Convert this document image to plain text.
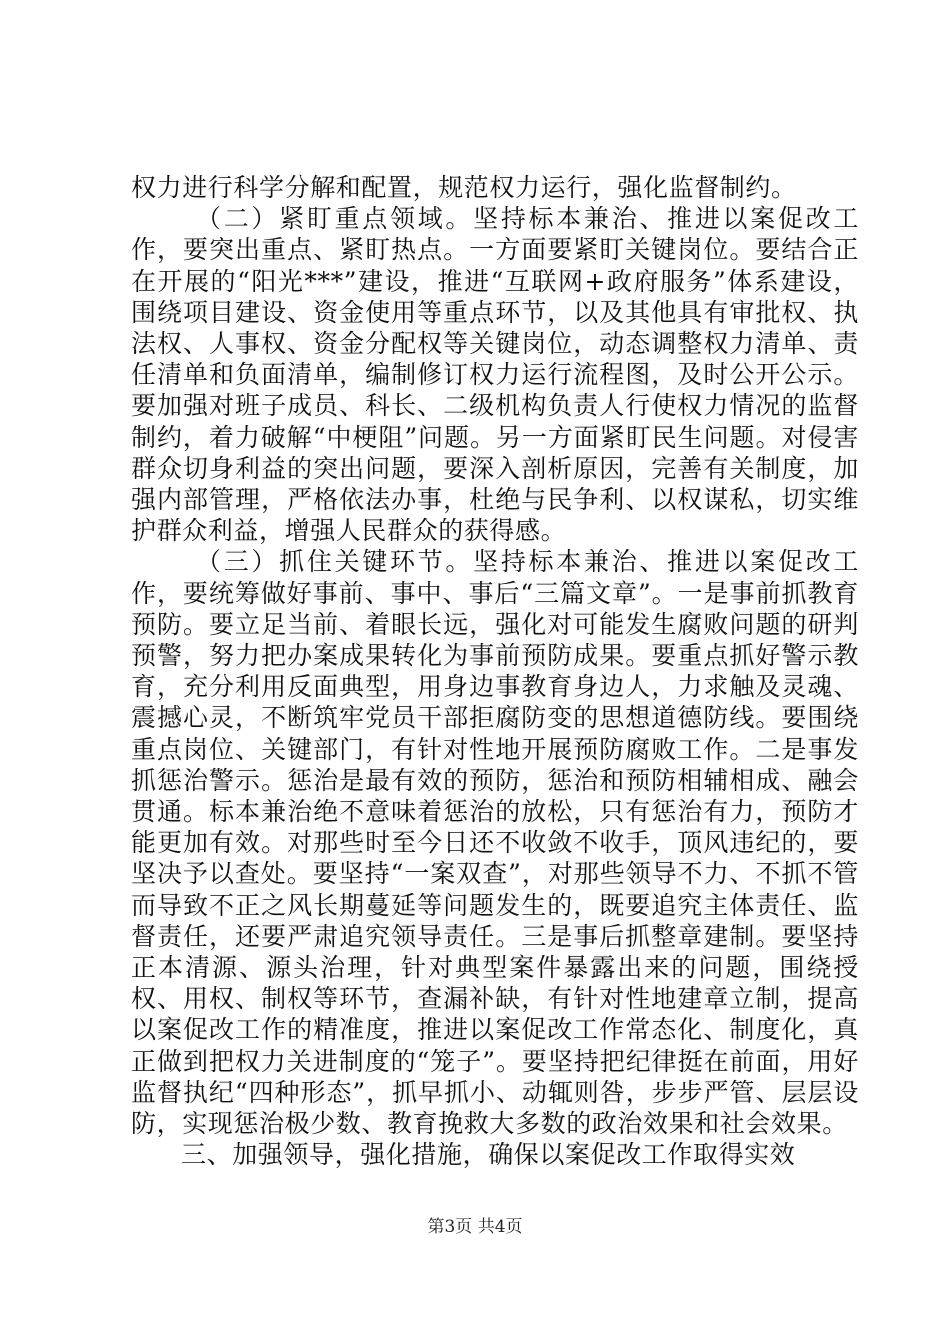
权力进行科学分解和配置，规范权力运行，强化监督制约。

（二）紧盯重点领域。坚持标本兼治、推进以案促改工作，要突出重点、紧盯热点。一方面要紧盯关键岗位。要结合正在开展的“阳光***”建设，推进“互联网+政府服务”体系建设，围绕项目建设、资金使用等重点环节，以及其他具有审批权、执法权、人事权、资金分配权等关键岗位，动态调整权力清单、责任清单和负面清单，编制修订权力运行流程图，及时公开公示。要加强对班子成员、科长、二级机构负责人行使权力情况的监督制约，着力破解“中梗阻”问题。另一方面紧盯民生问题。对侵害群众切身利益的突出问题，要深入剖析原因，完善有关制度，加强内部管理，严格依法办事，杜绝与民争利、以权谋私，切实维护群众利益，增强人民群众的获得感。

（三）抓住关键环节。坚持标本兼治、推进以案促改工作，要统筹做好事前、事中、事后“三篇文章”。一是事前抓教育预防。要立足当前、着眼长远，强化对可能发生腐败问题的研判预警，努力把办案成果转化为事前预防成果。要重点抓好警示教育，充分利用反面典型，用身边事教育身边人，力求触及灵魂、震撼心灵，不断筑牢党员干部拒腐防变的思想道德防线。要围绕重点岗位、关键部门，有针对性地开展预防腐败工作。二是事发抓惩治警示。惩治是最有效的预防，惩治和预防相辅相成、融会贯通。标本兼治绝不意味着惩治的放松，只有惩治有力，预防才能更加有效。对那些时至今日还不收敛不收手，顶风违纪的，要坚决予以查处。要坚持“一案双查”，对那些领导不力、不抓不管而导致不正之风长期蔓延等问题发生的，既要追究主体责任、监督责任，还要严肃追究领导责任。三是事后抓整章建制。要坚持正本清源、源头治理，针对典型案件暴露出来的问题，围绕授权、用权、制权等环节，查漏补缺，有针对性地建章立制，提高以案促改工作的精准度，推进以案促改工作常态化、制度化，真正做到把权力关进制度的“笼子”。要坚持把纪律挺在前面，用好监督执纪“四种形态”，抓早抓小、动辄则咎，步步严管、层层设防，实现惩治极少数、教育挽救大多数的政治效果和社会效果。

三、加强领导，强化措施，确保以案促改工作取得实效

第3页 共4页
